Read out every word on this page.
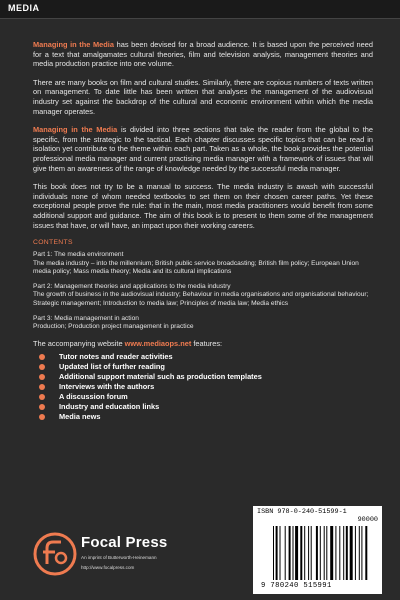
MEDIA

Managing in the Media has been devised for a broad audience. It is based upon the perceived need for a text that amalgamates cultural theories, film and television analysis, management theories and media production practice into one volume.

There are many books on film and cultural studies. Similarly, there are copious numbers of texts written on management. To date little has been written that analyses the management of the audiovisual industry set against the backdrop of the cultural and economic environment within which the media manager operates.

Managing in the Media is divided into three sections that take the reader from the global to the specific, from the strategic to the tactical. Each chapter discusses specific topics that can be read in isolation yet contribute to the theme within each part. Taken as a whole, the book provides the potential professional media manager and current practising media manager with a framework of issues that will give them an awareness of the range of knowledge needed by the successful media manager.

This book does not try to be a manual to success. The media industry is awash with successful individuals none of whom needed textbooks to set them on their chosen career paths. Yet these exceptional people prove the rule: that in the main, most media practitioners would benefit from some additional support and guidance. The aim of this book is to present to them some of the management issues that have, or will have, an impact upon their working careers.

CONTENTS

Part 1: The media environment

The media industry – into the millennium; British public service broadcasting; British film policy; European Union media policy; Mass media theory; Media and its cultural implications

Part 2: Management theories and applications to the media industry

The growth of business in the audiovisual industry; Behaviour in media organisations and organisational behaviour; Strategic management; Introduction to media law; Principles of media law; Media ethics

Part 3: Media management in action

Production; Production project management in practice

The accompanying website www.mediaops.net features:
Tutor notes and reader activities
Updated list of further reading
Additional support material such as production templates
Interviews with the authors
A discussion forum
Industry and education links
Media news
Focal Press
An imprint of Butterworth-Heinemann
http://www.focalpress.com
ISBN 978-0-240-51599-1
90000
9 780240 515991
